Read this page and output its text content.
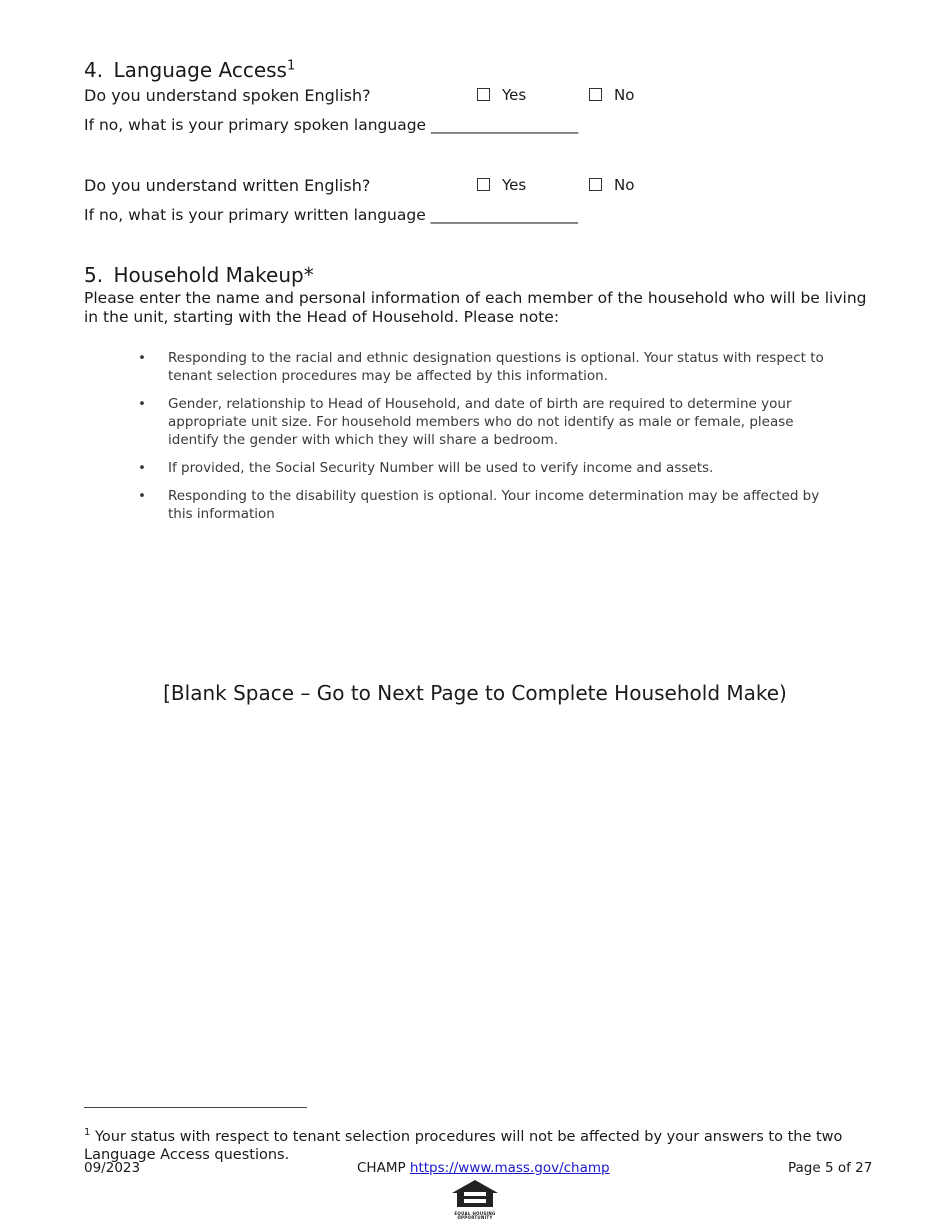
4. Language Access$^1$
Do you understand spoken English?	Yes	No
If no, what is your primary spoken language ___________________
Do you understand written English?	Yes	No
If no, what is your primary written language ___________________
5. Household Makeup*
Please enter the name and personal information of each member of the household who will be living in the unit, starting with the Head of Household. Please note:
• Responding to the racial and ethnic designation questions is optional. Your status with respect to tenant selection procedures may be affected by this information.
• Gender, relationship to Head of Household, and date of birth are required to determine your appropriate unit size. For household members who do not identify as male or female, please identify the gender with which they will share a bedroom.
• If provided, the Social Security Number will be used to verify income and assets.
• Responding to the disability question is optional. Your income determination may be affected by this information
[Blank Space – Go to Next Page to Complete Household Make)
$^1$ Your status with respect to tenant selection procedures will not be affected by your answers to the two Language Access questions.
09/2023	CHAMP https://www.mass.gov/champ	Page 5 of 27
EQUAL HOUSING OPPORTUNITY
